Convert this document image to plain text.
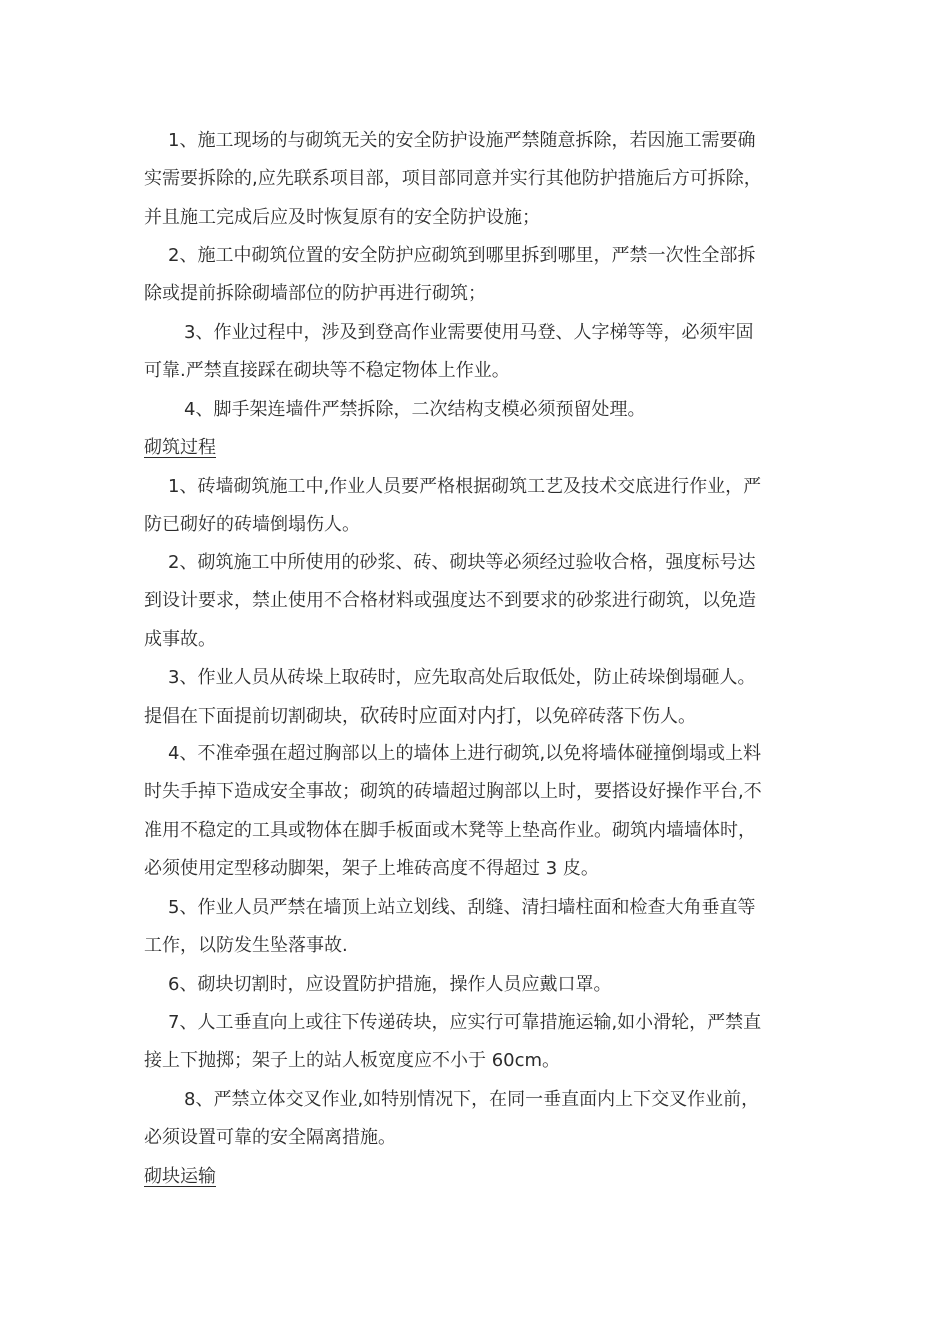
1、施工现场的与砌筑无关的安全防护设施严禁随意拆除，若因施工需要确
实需要拆除的,应先联系项目部，项目部同意并实行其他防护措施后方可拆除，
并且施工完成后应及时恢复原有的安全防护设施；

2、施工中砌筑位置的安全防护应砌筑到哪里拆到哪里，严禁一次性全部拆
除或提前拆除砌墙部位的防护再进行砌筑；

3、作业过程中，涉及到登高作业需要使用马登、人字梯等等，必须牢固
可靠.严禁直接踩在砌块等不稳定物体上作业。

4、脚手架连墙件严禁拆除，二次结构支模必须预留处理。

砌筑过程

1、砖墙砌筑施工中,作业人员要严格根据砌筑工艺及技术交底进行作业，严
防已砌好的砖墙倒塌伤人。

2、砌筑施工中所使用的砂浆、砖、砌块等必须经过验收合格，强度标号达
到设计要求，禁止使用不合格材料或强度达不到要求的砂浆进行砌筑，以免造
成事故。

3、作业人员从砖垛上取砖时，应先取高处后取低处，防止砖垛倒塌砸人。
提倡在下面提前切割砌块，砍砖时应面对内打，以免碎砖落下伤人。

4、不准牵强在超过胸部以上的墙体上进行砌筑,以免将墙体碰撞倒塌或上料
时失手掉下造成安全事故；砌筑的砖墙超过胸部以上时，要搭设好操作平台,不
准用不稳定的工具或物体在脚手板面或木凳等上垫高作业。砌筑内墙墙体时，
必须使用定型移动脚架，架子上堆砖高度不得超过 3 皮。

5、作业人员严禁在墙顶上站立划线、刮缝、清扫墙柱面和检查大角垂直等
工作，以防发生坠落事故.

6、砌块切割时，应设置防护措施，操作人员应戴口罩。

7、人工垂直向上或往下传递砖块，应实行可靠措施运输,如小滑轮，严禁直
接上下抛掷；架子上的站人板宽度应不小于 60cm。

8、严禁立体交叉作业,如特别情况下，在同一垂直面内上下交叉作业前，
必须设置可靠的安全隔离措施。

砌块运输
